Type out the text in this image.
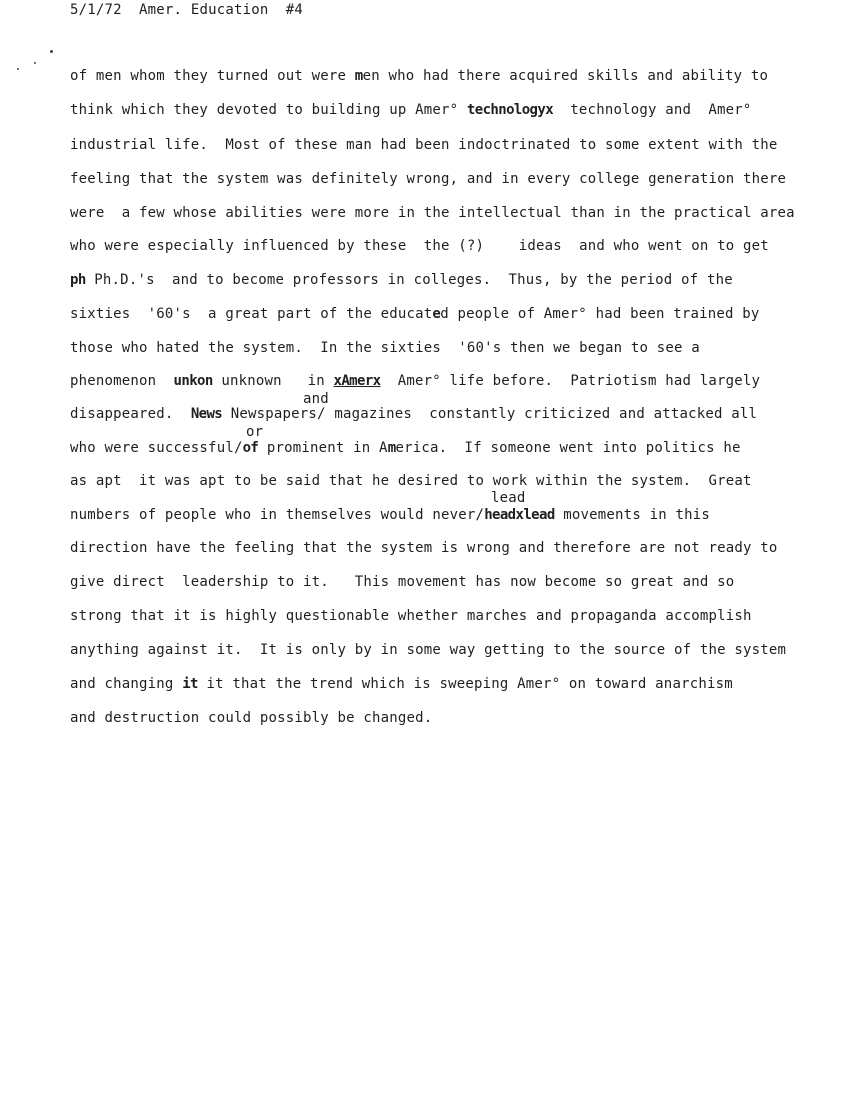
5/1/72 Amer. Education #4
and
or
lead
of men whom they turned out were men who had there acquired skills and ability to
think which they devoted to building up Amer° technologyx  technology and  Amer°
industrial life.  Most of these man had been indoctrinated to some extent with the
feeling that the system was definitely wrong, and in every college generation there
were  a few whose abilities were more in the intellectual than in the practical area
who were especially influenced by these  the (?)    ideas  and who went on to get
ph Ph.D.'s  and to become professors in colleges.  Thus, by the period of the
sixties  '60's  a great part of the educated people of Amer° had been trained by
those who hated the system.  In the sixties  '60's then we began to see a
phenomenon  unkon unknown   in xAmerx  Amer° life before.  Patriotism had largely
disappeared.  News Newspapers/ magazines  constantly criticized and attacked all
who were successful/of prominent in America.  If someone went into politics he
as apt  it was apt to be said that he desired to work within the system.  Great
numbers of people who in themselves would never/headxlead movements in this
direction have the feeling that the system is wrong and therefore are not ready to
give direct  leadership to it.   This movement has now become so great and so
strong that it is highly questionable whether marches and propaganda accomplish
anything against it.  It is only by in some way getting to the source of the system
and changing it it that the trend which is sweeping Amer° on toward anarchism
and destruction could possibly be changed.
